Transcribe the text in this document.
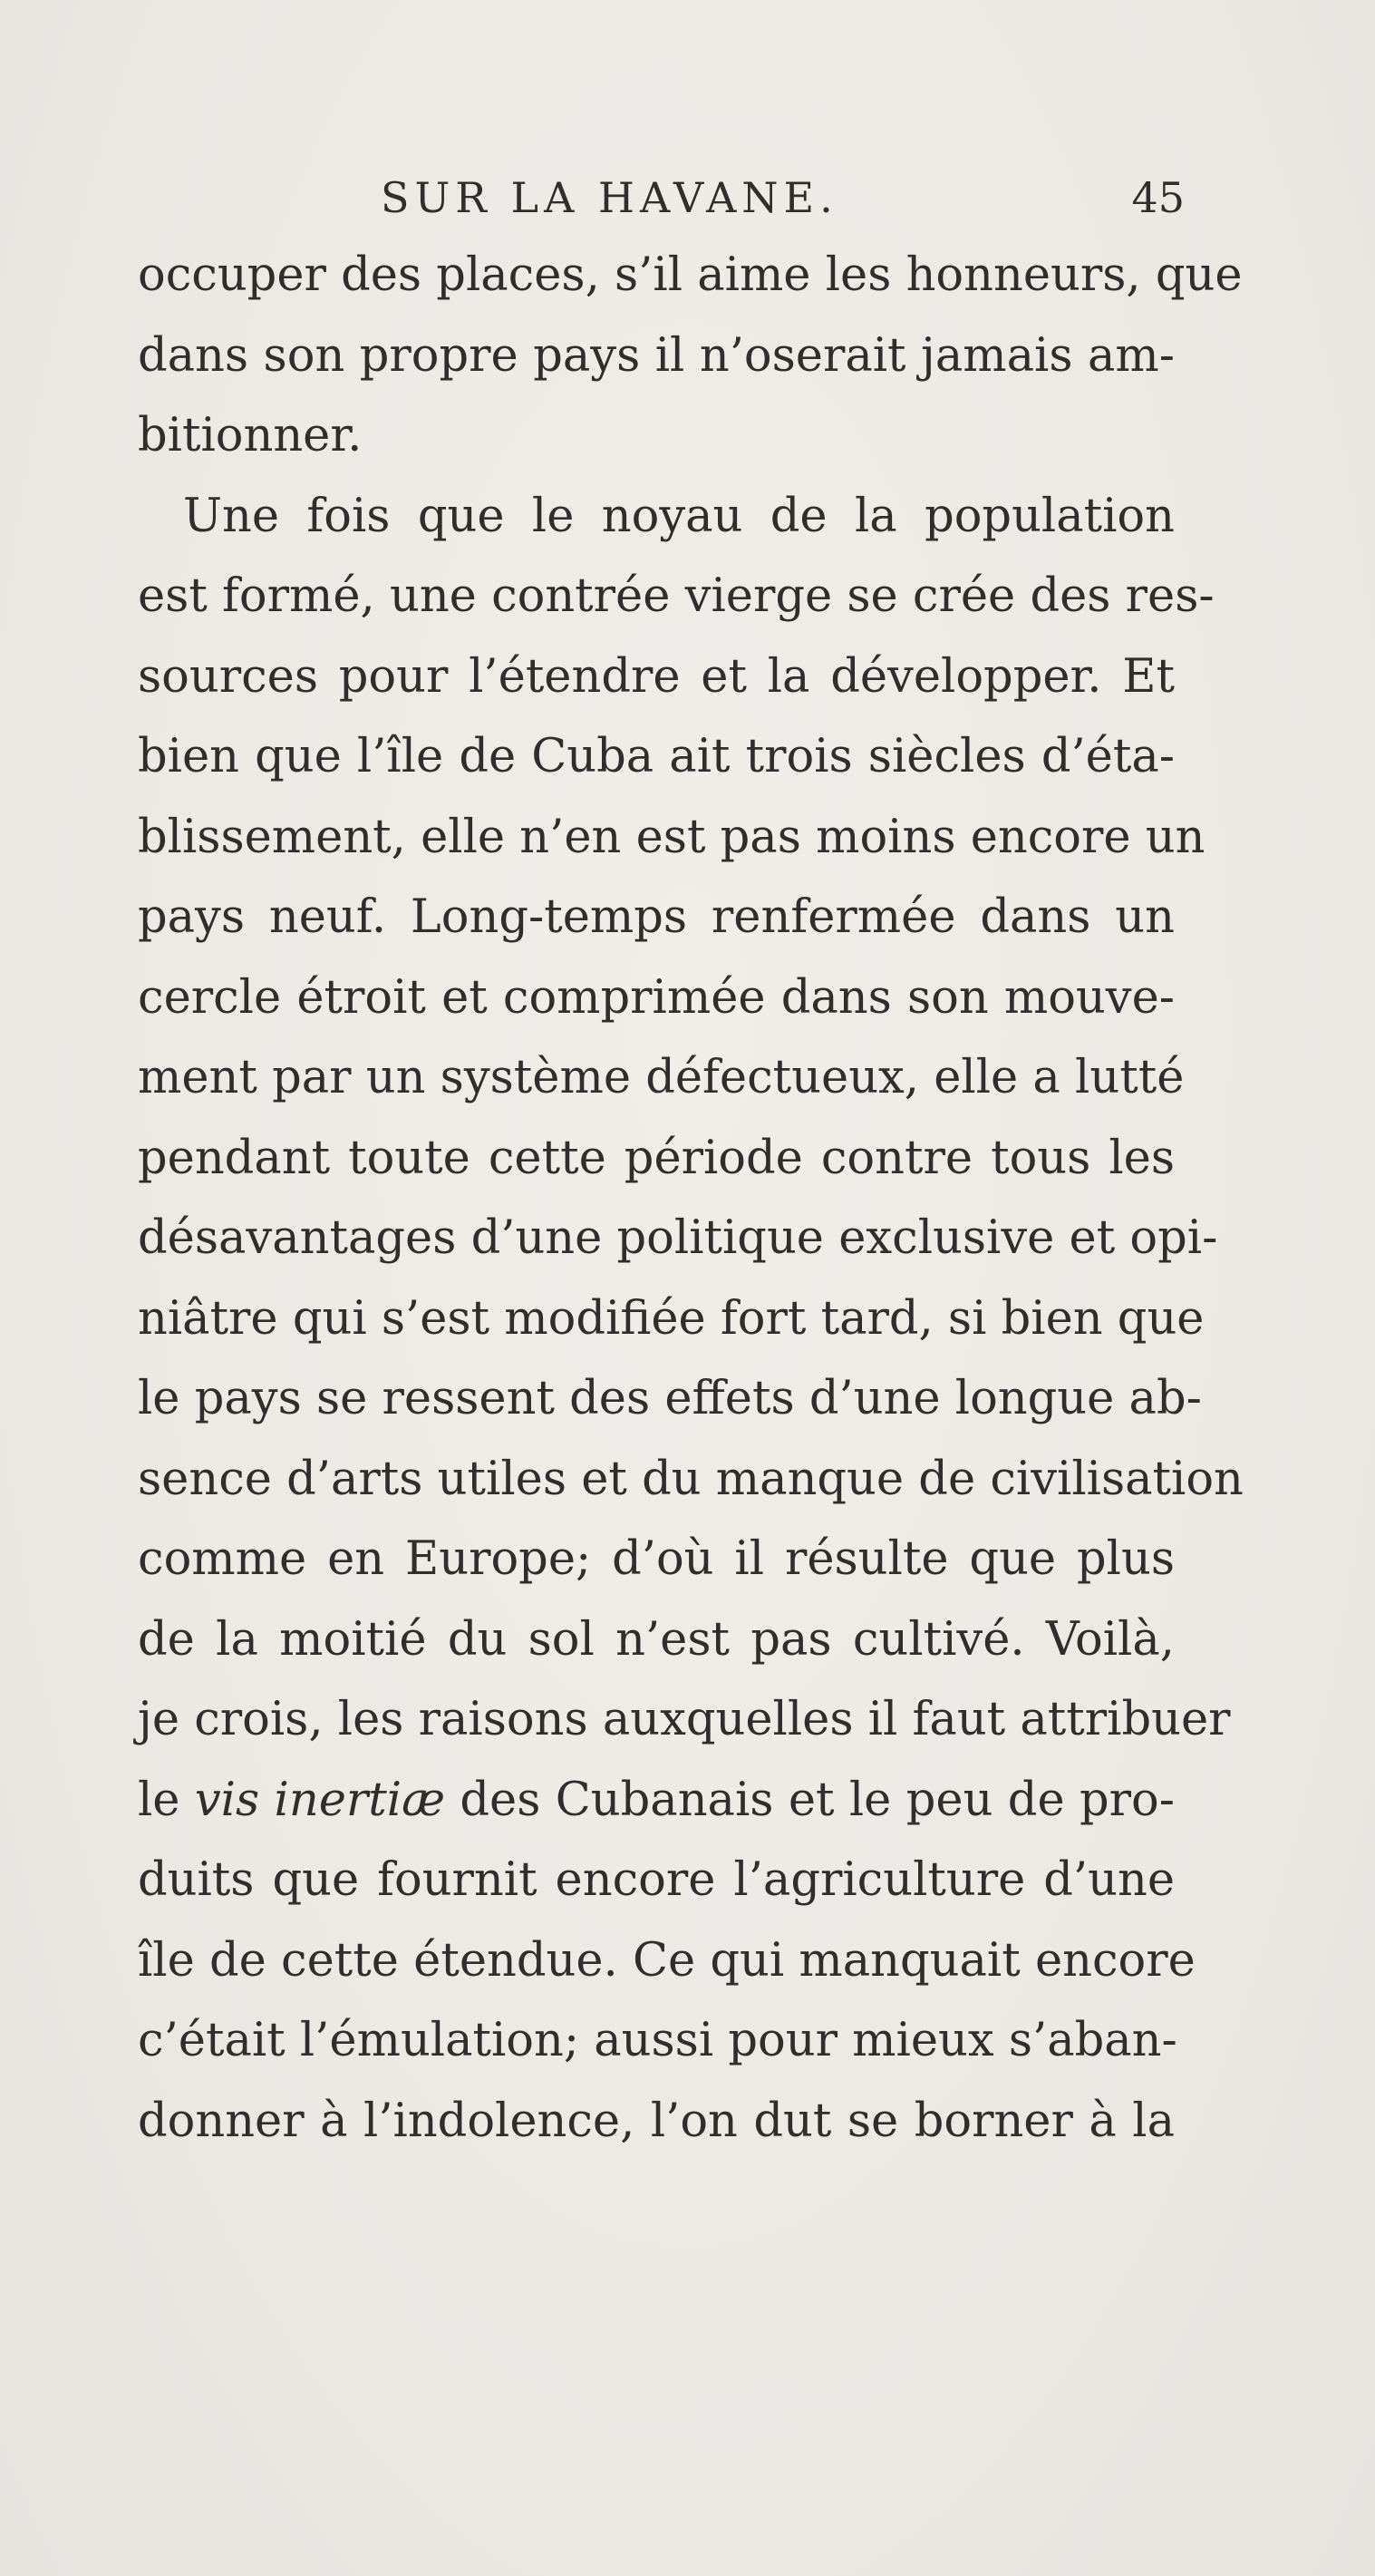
SUR LA HAVANE.	45
occuper des places, s’il aime les honneurs, que
dans son propre pays il n’oserait jamais am-
bitionner.
Une fois que le noyau de la population
est formé, une contrée vierge se crée des res-
sources pour l’étendre et la développer. Et
bien que l’île de Cuba ait trois siècles d’éta-
blissement, elle n’en est pas moins encore un
pays neuf. Long-temps renfermée dans un
cercle étroit et comprimée dans son mouve-
ment par un système défectueux, elle a lutté
pendant toute cette période contre tous les
désavantages d’une politique exclusive et opi-
niâtre qui s’est modifiée fort tard, si bien que
le pays se ressent des effets d’une longue ab-
sence d’arts utiles et du manque de civilisation
comme en Europe; d’où il résulte que plus
de la moitié du sol n’est pas cultivé. Voilà,
je crois, les raisons auxquelles il faut attribuer
le vis inertiæ des Cubanais et le peu de pro-
duits que fournit encore l’agriculture d’une
île de cette étendue. Ce qui manquait encore
c’était l’émulation; aussi pour mieux s’aban-
donner à l’indolence, l’on dut se borner à la
